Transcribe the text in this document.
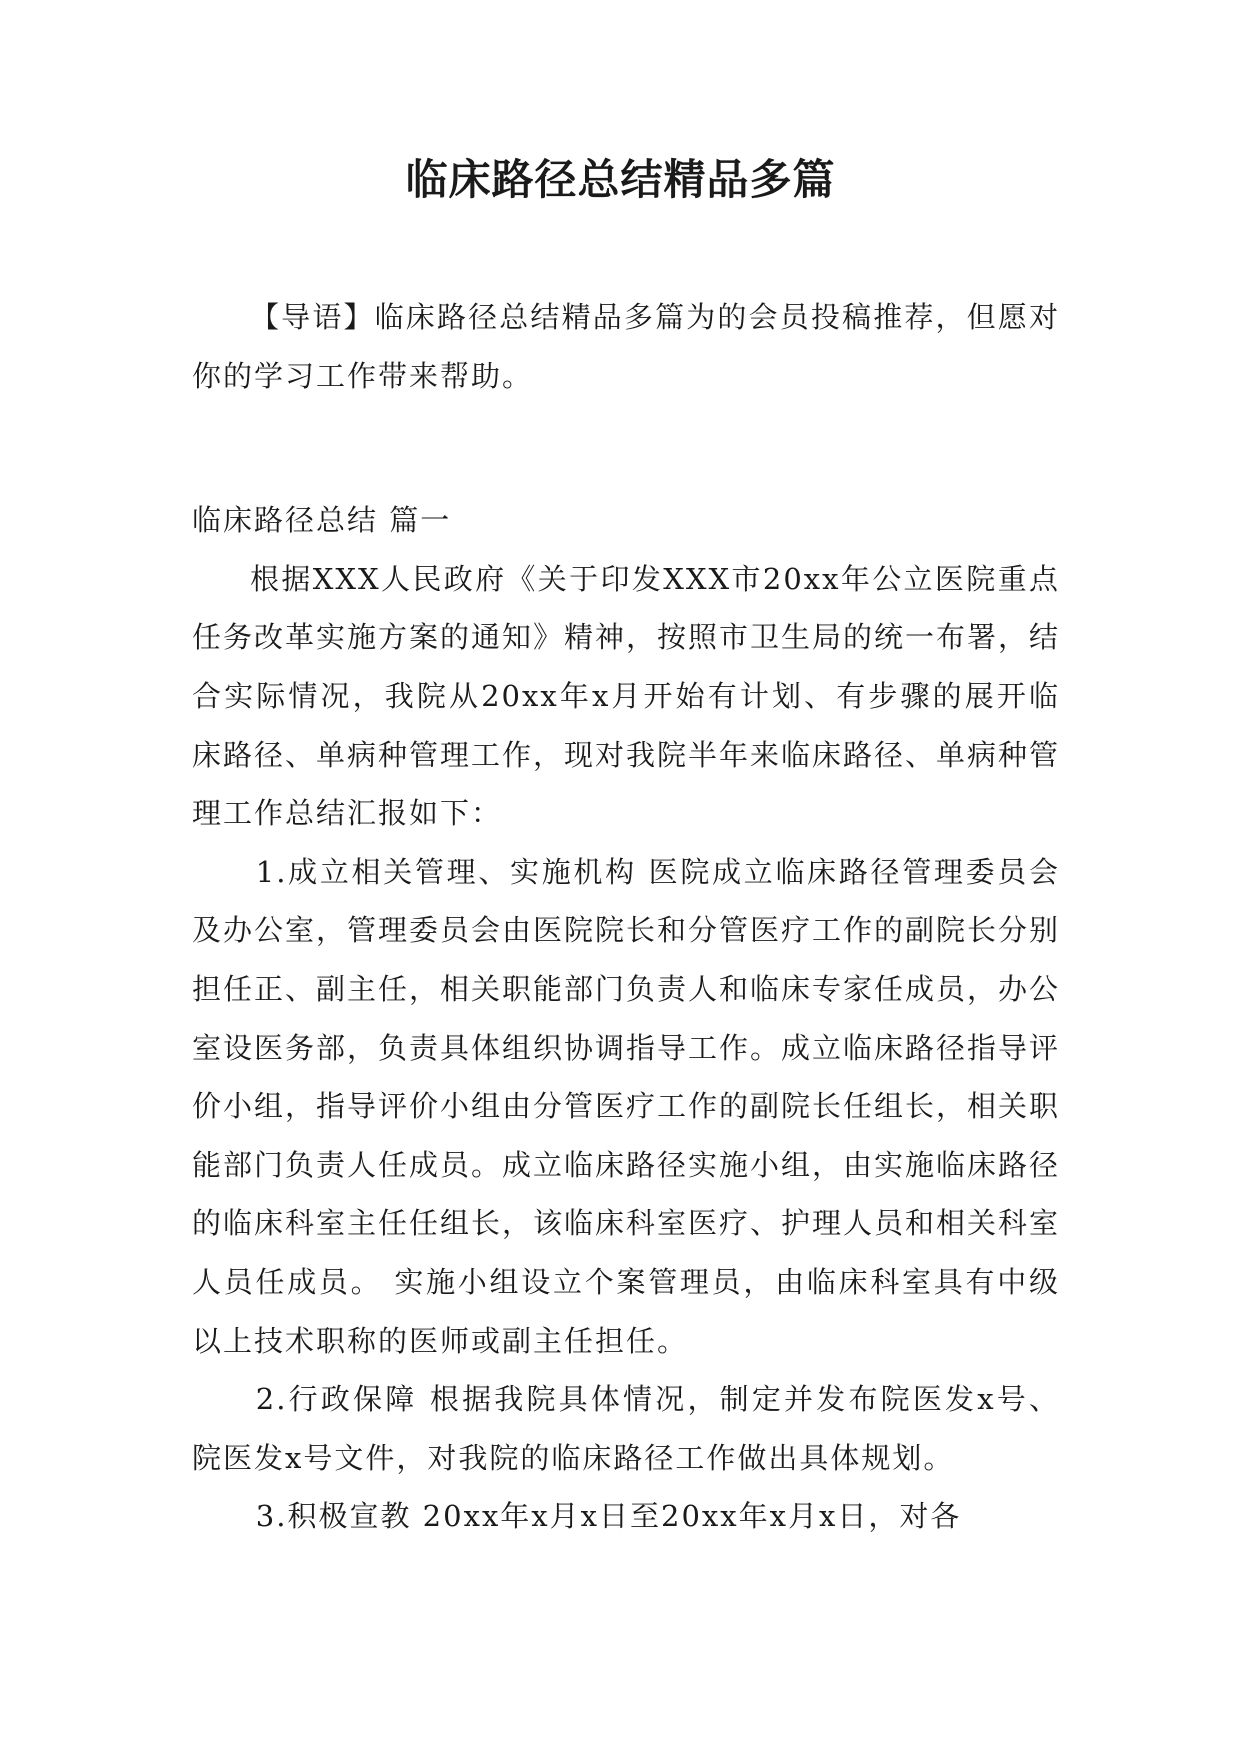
临床路径总结精品多篇

【导语】临床路径总结精品多篇为的会员投稿推荐，但愿对你的学习工作带来帮助。

临床路径总结 篇一

根据XXX人民政府《关于印发XXX市20xx年公立医院重点任务改革实施方案的通知》精神，按照市卫生局的统一布署，结合实际情况，我院从20xx年x月开始有计划、有步骤的展开临床路径、单病种管理工作，现对我院半年来临床路径、单病种管理工作总结汇报如下：

1.成立相关管理、实施机构 医院成立临床路径管理委员会及办公室，管理委员会由医院院长和分管医疗工作的副院长分别担任正、副主任，相关职能部门负责人和临床专家任成员，办公室设医务部，负责具体组织协调指导工作。成立临床路径指导评价小组，指导评价小组由分管医疗工作的副院长任组长，相关职能部门负责人任成员。成立临床路径实施小组，由实施临床路径的临床科室主任任组长，该临床科室医疗、护理人员和相关科室人员任成员。 实施小组设立个案管理员，由临床科室具有中级以上技术职称的医师或副主任担任。

2.行政保障 根据我院具体情况，制定并发布院医发x号、院医发x号文件，对我院的临床路径工作做出具体规划。

3.积极宣教 20xx年x月x日至20xx年x月x日，对各
